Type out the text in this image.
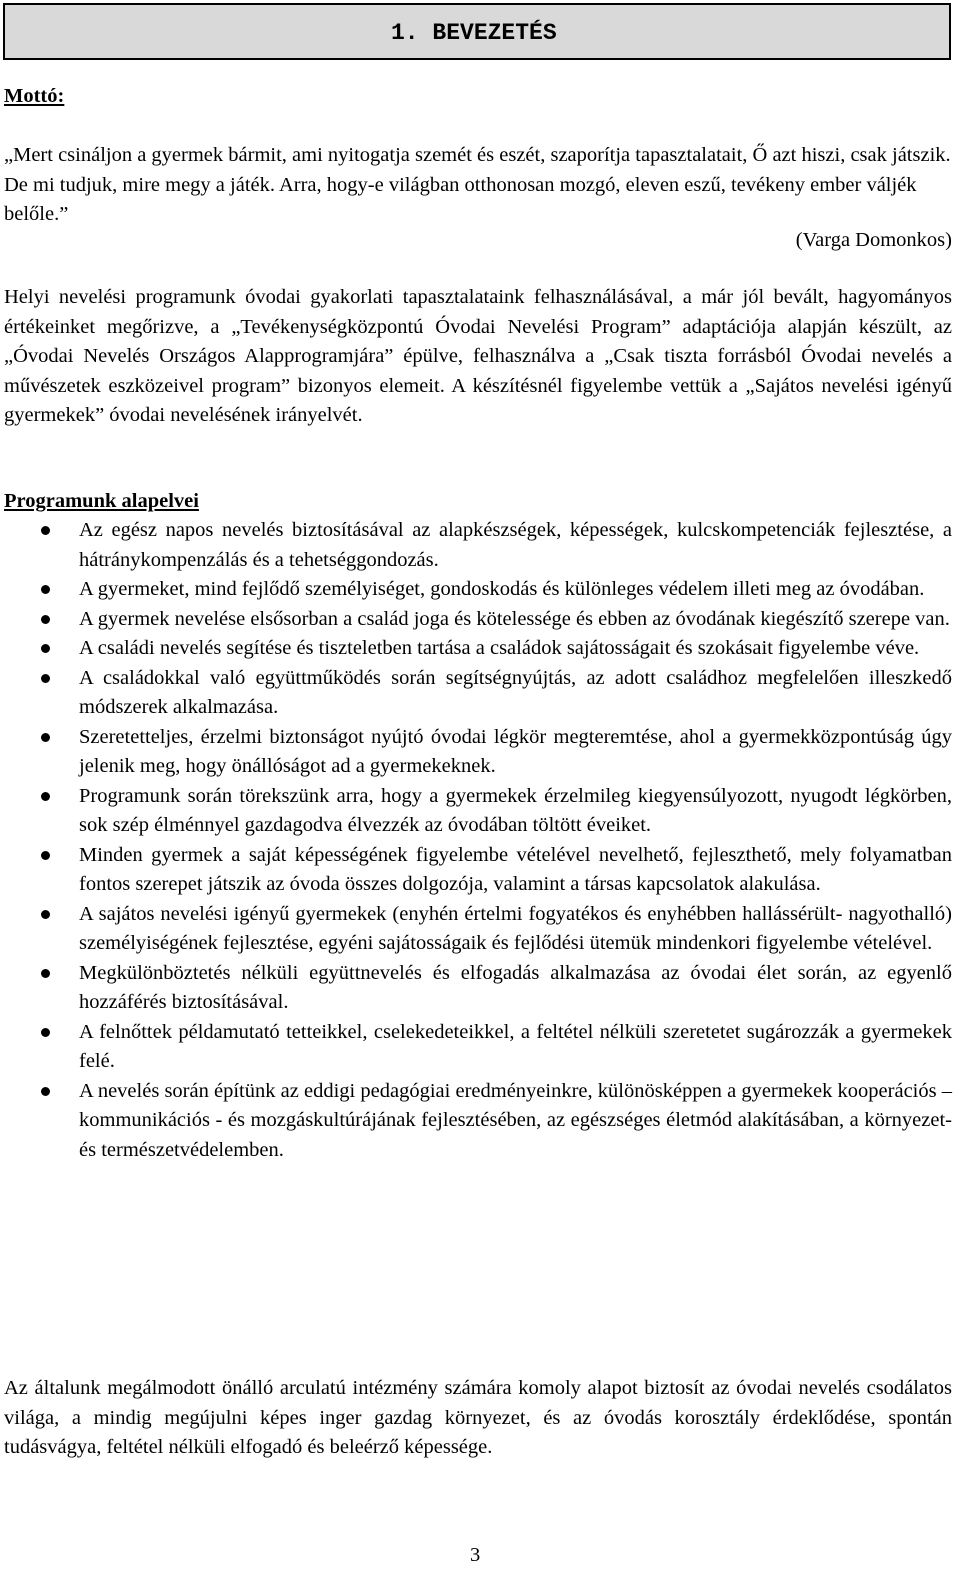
1. BEVEZETÉS
Mottó:
„Mert csináljon a gyermek bármit, ami nyitogatja szemét és eszét, szaporítja tapasztalatait, Ő azt hiszi, csak játszik. De mi tudjuk, mire megy a játék. Arra, hogy-e világban otthonosan mozgó, eleven eszű, tevékeny ember váljék belőle.”
(Varga Domonkos)
Helyi nevelési programunk óvodai gyakorlati tapasztalataink felhasználásával, a már jól bevált, hagyományos értékeinket megőrizve, a „Tevékenységközpontú Óvodai Nevelési Program” adaptációja alapján készült, az „Óvodai Nevelés Országos Alapprogramjára” épülve, felhasználva a „Csak tiszta forrásból Óvodai nevelés a művészetek eszközeivel program” bizonyos elemeit. A készítésnél figyelembe vettük a „Sajátos nevelési igényű gyermekek” óvodai nevelésének irányelvét.
Programunk alapelvei
Az egész napos nevelés biztosításával az alapkészségek, képességek, kulcskompetenciák fejlesztése, a hátránykompenzálás és a tehetséggondozás.
A gyermeket, mind fejlődő személyiséget, gondoskodás és különleges védelem illeti meg az óvodában.
A gyermek nevelése elsősorban a család joga és kötelessége és ebben az óvodának kiegészítő szerepe van.
A családi nevelés segítése és tiszteletben tartása a családok sajátosságait és szokásait figyelembe véve.
A családokkal való együttműködés során segítségnyújtás, az adott családhoz megfelelően illeszkedő módszerek alkalmazása.
Szeretetteljes, érzelmi biztonságot nyújtó óvodai légkör megteremtése, ahol a gyermekközpontúság úgy jelenik meg, hogy önállóságot ad a gyermekeknek.
Programunk során törekszünk arra, hogy a gyermekek érzelmileg kiegyensúlyozott, nyugodt légkörben, sok szép élménnyel gazdagodva élvezzék az óvodában töltött éveiket.
Minden gyermek a saját képességének figyelembe vételével nevelhető, fejleszthető, mely folyamatban fontos szerepet játszik az óvoda összes dolgozója, valamint a társas kapcsolatok alakulása.
A sajátos nevelési igényű gyermekek (enyhén értelmi fogyatékos és enyhébben hallássérült- nagyothalló) személyiségének fejlesztése, egyéni sajátosságaik és fejlődési ütemük mindenkori figyelembe vételével.
Megkülönböztetés nélküli együttnevelés és elfogadás alkalmazása az óvodai élet során, az egyenlő hozzáférés biztosításával.
A felnőttek példamutató tetteikkel, cselekedeteikkel, a feltétel nélküli szeretetet sugározzák a gyermekek felé.
A nevelés során építünk az eddigi pedagógiai eredményeinkre, különösképpen a gyermekek kooperációs – kommunikációs - és mozgáskultúrájának fejlesztésében, az egészséges életmód alakításában, a környezet- és természetvédelemben.
Az általunk megálmodott önálló arculatú intézmény számára komoly alapot biztosít az óvodai nevelés csodálatos világa, a mindig megújulni képes inger gazdag környezet, és az óvodás korosztály érdeklődése, spontán tudásvágya, feltétel nélküli elfogadó és beleérző képessége.
3
